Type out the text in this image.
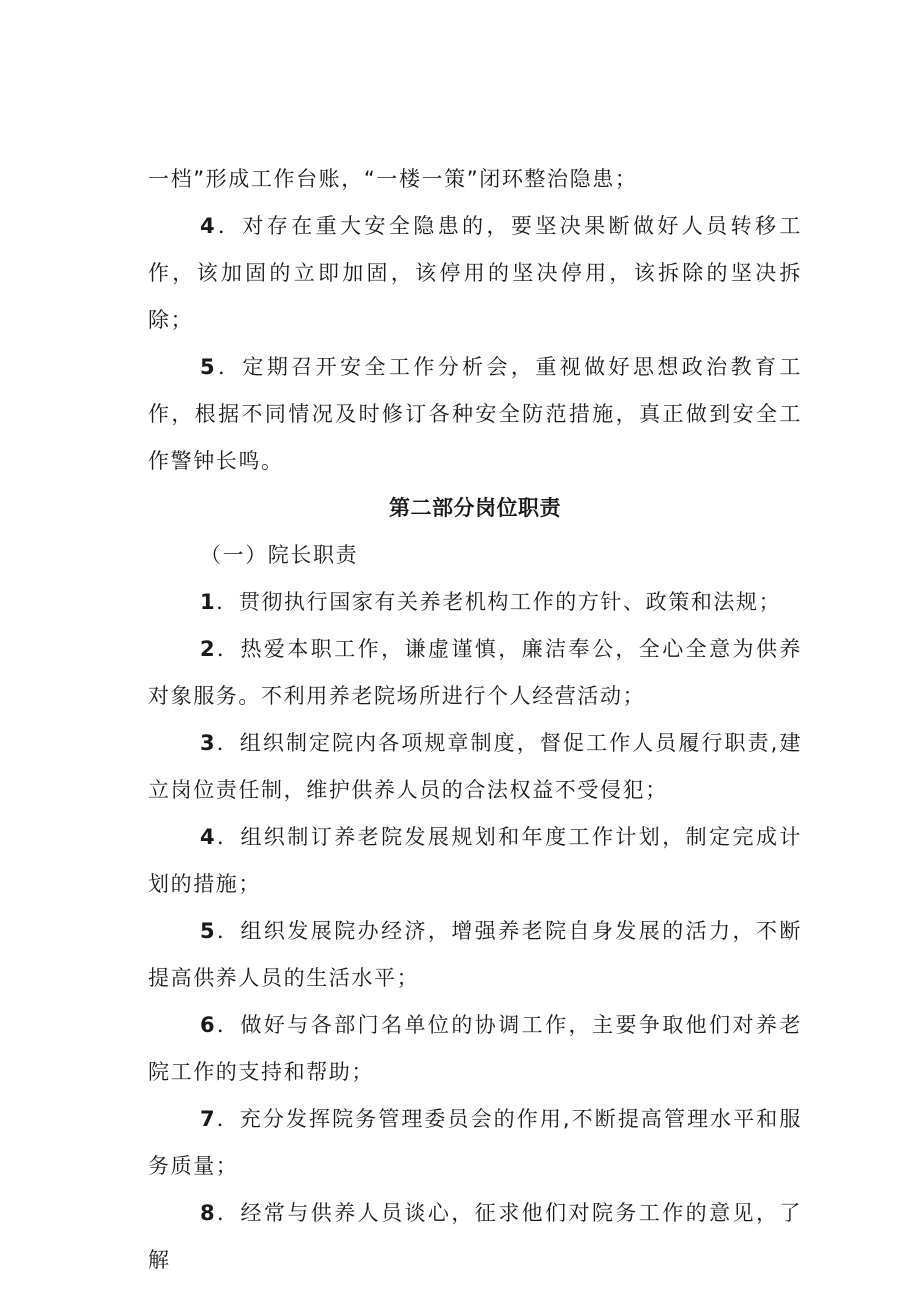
一档”形成工作台账，“一楼一策”闭环整治隐患；

4．对存在重大安全隐患的，要坚决果断做好人员转移工作，该加固的立即加固，该停用的坚决停用，该拆除的坚决拆除；

5．定期召开安全工作分析会，重视做好思想政治教育工作，根据不同情况及时修订各种安全防范措施，真正做到安全工作警钟长鸣。

第二部分岗位职责

（一）院长职责

1．贯彻执行国家有关养老机构工作的方针、政策和法规；

2．热爱本职工作，谦虚谨慎，廉洁奉公，全心全意为供养对象服务。不利用养老院场所进行个人经营活动；

3．组织制定院内各项规章制度，督促工作人员履行职责,建立岗位责任制，维护供养人员的合法权益不受侵犯；

4．组织制订养老院发展规划和年度工作计划，制定完成计划的措施；

5．组织发展院办经济，增强养老院自身发展的活力，不断提高供养人员的生活水平；

6．做好与各部门名单位的协调工作，主要争取他们对养老院工作的支持和帮助；

7．充分发挥院务管理委员会的作用,不断提高管理水平和服务质量；

8．经常与供养人员谈心，征求他们对院务工作的意见，了解
